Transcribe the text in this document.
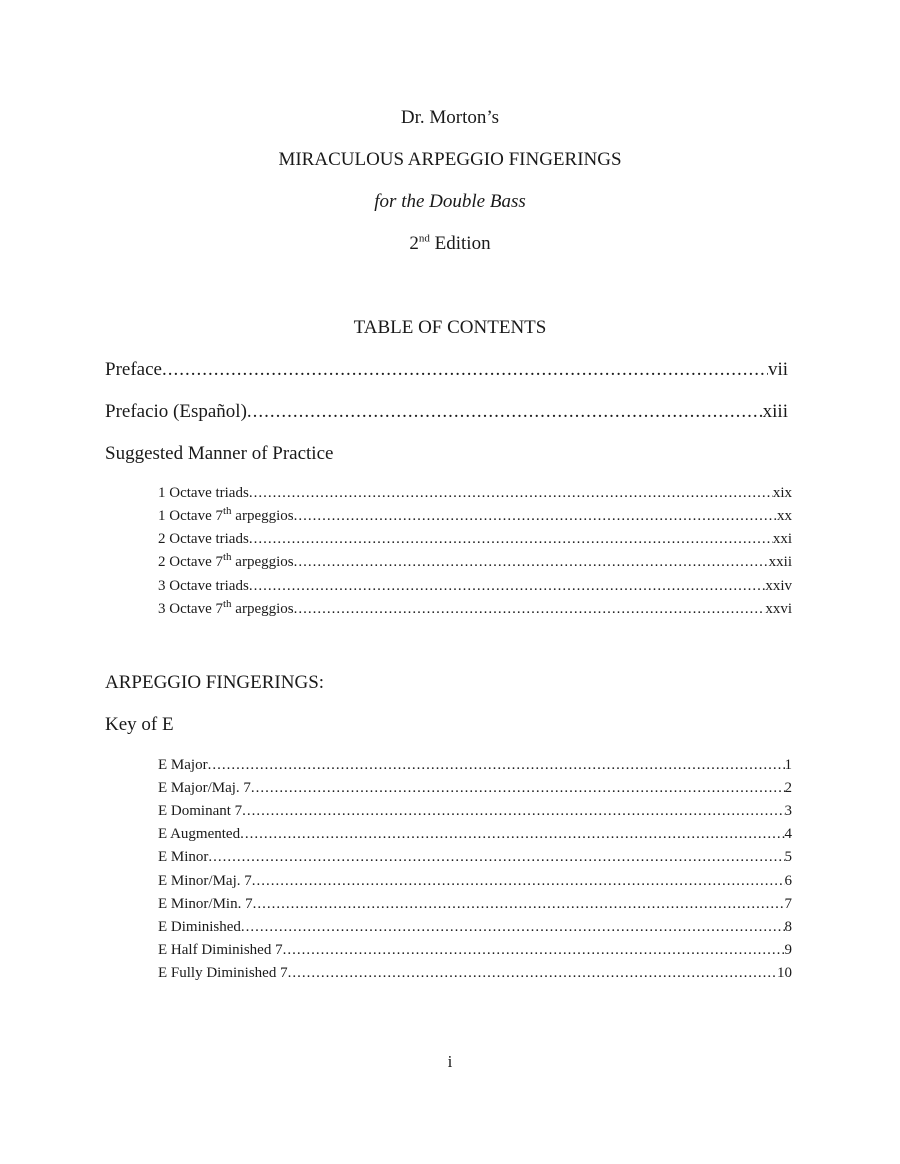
Dr. Morton’s
MIRACULOUS ARPEGGIO FINGERINGS
for the Double Bass
2nd Edition
TABLE OF CONTENTS
Preface .....	vii
Prefacio (Español) .....	xiii
Suggested Manner of Practice
1 Octave triads .....	xix
1 Octave 7th arpeggios .....	xx
2 Octave triads .....	xxi
2 Octave 7th arpeggios .....	xxii
3 Octave triads .....	xxiv
3 Octave 7th arpeggios .....	xxvi
ARPEGGIO FINGERINGS:
Key of E
E Major .....	1
E Major/Maj. 7 .....	2
E Dominant 7 .....	3
E Augmented .....	4
E Minor .....	5
E Minor/Maj. 7 .....	6
E Minor/Min. 7 .....	7
E Diminished .....	8
E Half Diminished 7 .....	9
E Fully Diminished 7 .....	10
i
